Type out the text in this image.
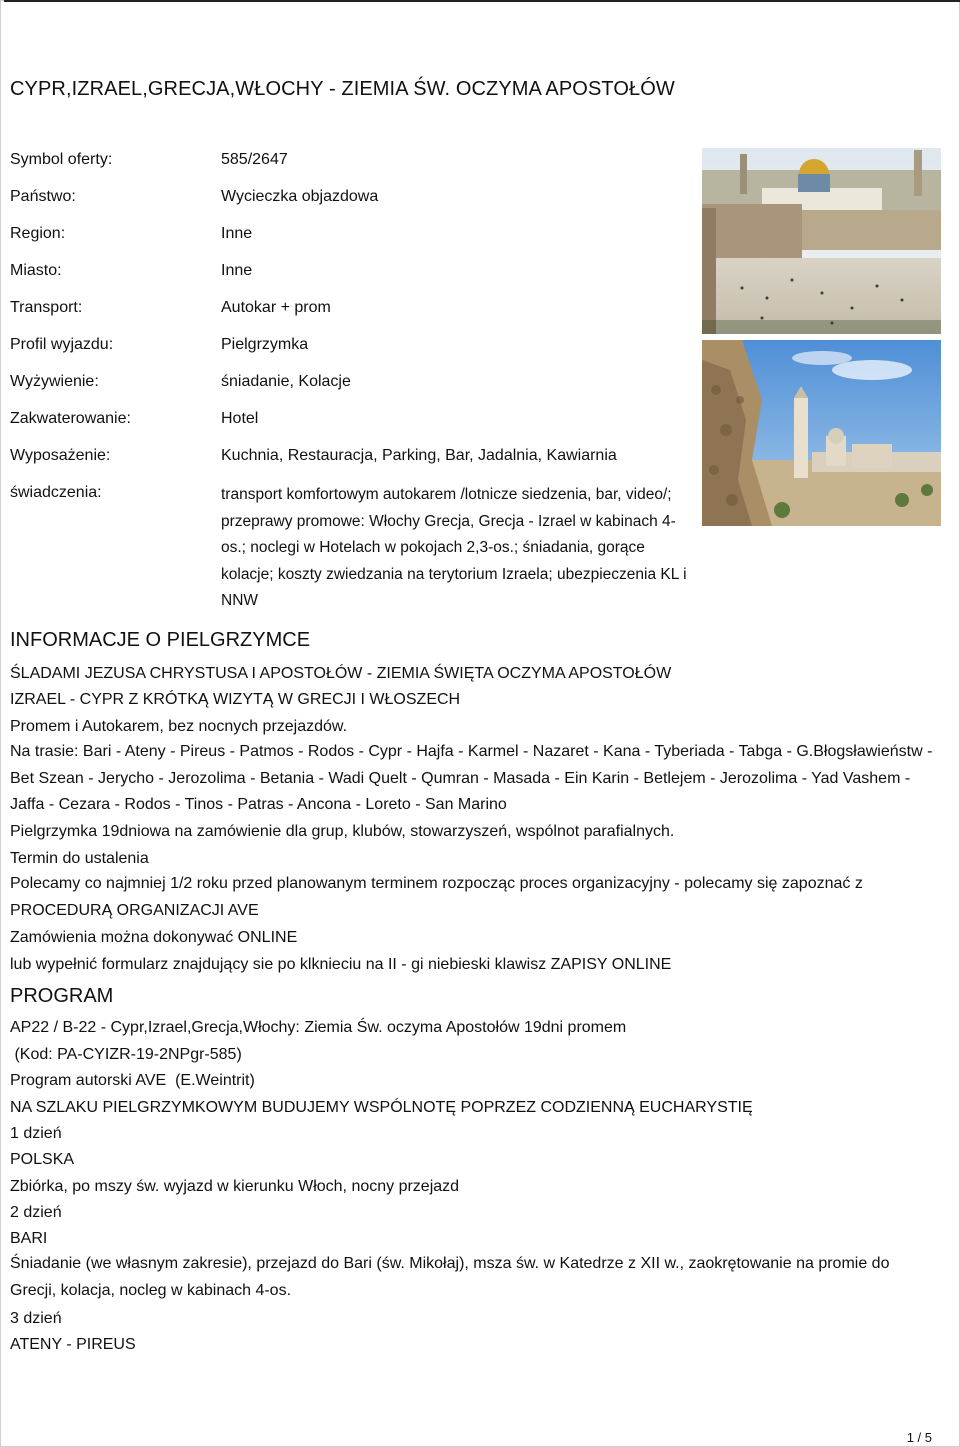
CYPR,IZRAEL,GRECJA,WŁOCHY - ZIEMIA ŚW. OCZYMA APOSTOŁÓW
Symbol oferty:	585/2647
Państwo:	Wycieczka objazdowa
Region:	Inne
Miasto:	Inne
Transport:	Autokar + prom
Profil wyjazdu:	Pielgrzymka
Wyżywienie:	śniadanie, Kolacje
Zakwaterowanie:	Hotel
Wyposażenie:	Kuchnia, Restauracja, Parking, Bar, Jadalnia, Kawiarnia
świadczenia:	transport komfortowym autokarem /lotnicze siedzenia, bar, video/; przeprawy promowe: Włochy Grecja, Grecja - Izrael w kabinach 4-os.; noclegi w Hotelach w pokojach 2,3-os.; śniadania, gorące kolacje; koszty zwiedzania na terytorium Izraela; ubezpieczenia KL i NNW
INFORMACJE O PIELGRZYMCE
ŚLADAMI JEZUSA CHRYSTUSA I APOSTOŁÓW - ZIEMIA ŚWIĘTA OCZYMA APOSTOŁÓW
IZRAEL - CYPR Z KRÓTKĄ WIZYTĄ W GRECJI I WŁOSZECH
Promem i Autokarem, bez nocnych przejazdów.
Na trasie: Bari - Ateny - Pireus - Patmos - Rodos - Cypr - Hajfa - Karmel - Nazaret - Kana - Tyberiada - Tabga - G.Błogsławieństw - Bet Szean - Jerycho - Jerozolima - Betania - Wadi Quelt - Qumran - Masada - Ein Karin - Betlejem - Jerozolima - Yad Vashem - Jaffa - Cezara - Rodos - Tinos - Patras - Ancona - Loreto - San Marino
Pielgrzymka 19dniowa na zamówienie dla grup, klubów, stowarzyszeń, wspólnot parafialnych.
Termin do ustalenia
Polecamy co najmniej 1/2 roku przed planowanym terminem rozpocząc proces organizacyjny - polecamy się zapoznać z PROCEDURĄ ORGANIZACJI AVE
Zamówienia można dokonywać ONLINE
lub wypełnić formularz znajdujący sie po klknieciu na II - gi niebieski klawisz ZAPISY ONLINE
PROGRAM
AP22 / B-22 - Cypr,Izrael,Grecja,Włochy: Ziemia Św. oczyma Apostołów 19dni promem
(Kod: PA-CYIZR-19-2NPgr-585)
Program autorski AVE  (E.Weintrit)
NA SZLAKU PIELGRZYMKOWYM BUDUJEMY WSPÓLNOTĘ POPRZEZ CODZIENNĄ EUCHARYSTIĘ
1 dzień
POLSKA
Zbiórka, po mszy św. wyjazd w kierunku Włoch, nocny przejazd
2 dzień
BARI
Śniadanie (we własnym zakresie), przejazd do Bari (św. Mikołaj), msza św. w Katedrze z XII w., zaokrętowanie na promie do Grecji, kolacja, nocleg w kabinach 4-os.
3 dzień
ATENY - PIREUS
1 / 5
